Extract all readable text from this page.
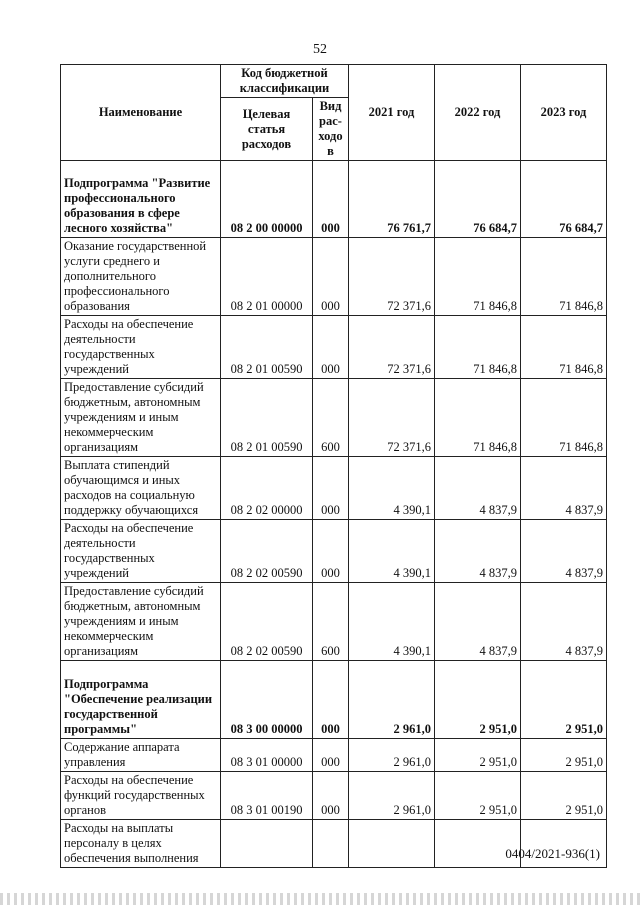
52
Наименование	Код бюджетной классификации		2021 год	2022 год	2023 год
	Целевая статья расходов	Вид рас-ходов			
Подпрограмма "Развитие профессионального образования в сфере лесного хозяйства"	08 2 00 00000	000	76 761,7	76 684,7	76 684,7
Оказание государственной услуги среднего и дополнительного профессионального образования	08 2 01 00000	000	72 371,6	71 846,8	71 846,8
Расходы на обеспечение деятельности государственных учреждений	08 2 01 00590	000	72 371,6	71 846,8	71 846,8
Предоставление субсидий бюджетным, автономным учреждениям и иным некоммерческим организациям	08 2 01 00590	600	72 371,6	71 846,8	71 846,8
Выплата стипендий обучающимся и иных расходов на социальную поддержку обучающихся	08 2 02 00000	000	4 390,1	4 837,9	4 837,9
Расходы на обеспечение деятельности государственных учреждений	08 2 02 00590	000	4 390,1	4 837,9	4 837,9
Предоставление субсидий бюджетным, автономным учреждениям и иным некоммерческим организациям	08 2 02 00590	600	4 390,1	4 837,9	4 837,9
Подпрограмма "Обеспечение реализации государственной программы"	08 3 00 00000	000	2 961,0	2 951,0	2 951,0
Содержание аппарата управления	08 3 01 00000	000	2 961,0	2 951,0	2 951,0
Расходы на обеспечение функций государственных органов	08 3 01 00190	000	2 961,0	2 951,0	2 951,0
Расходы на выплаты персоналу в целях обеспечения выполнения						0404/2021-936(1)
